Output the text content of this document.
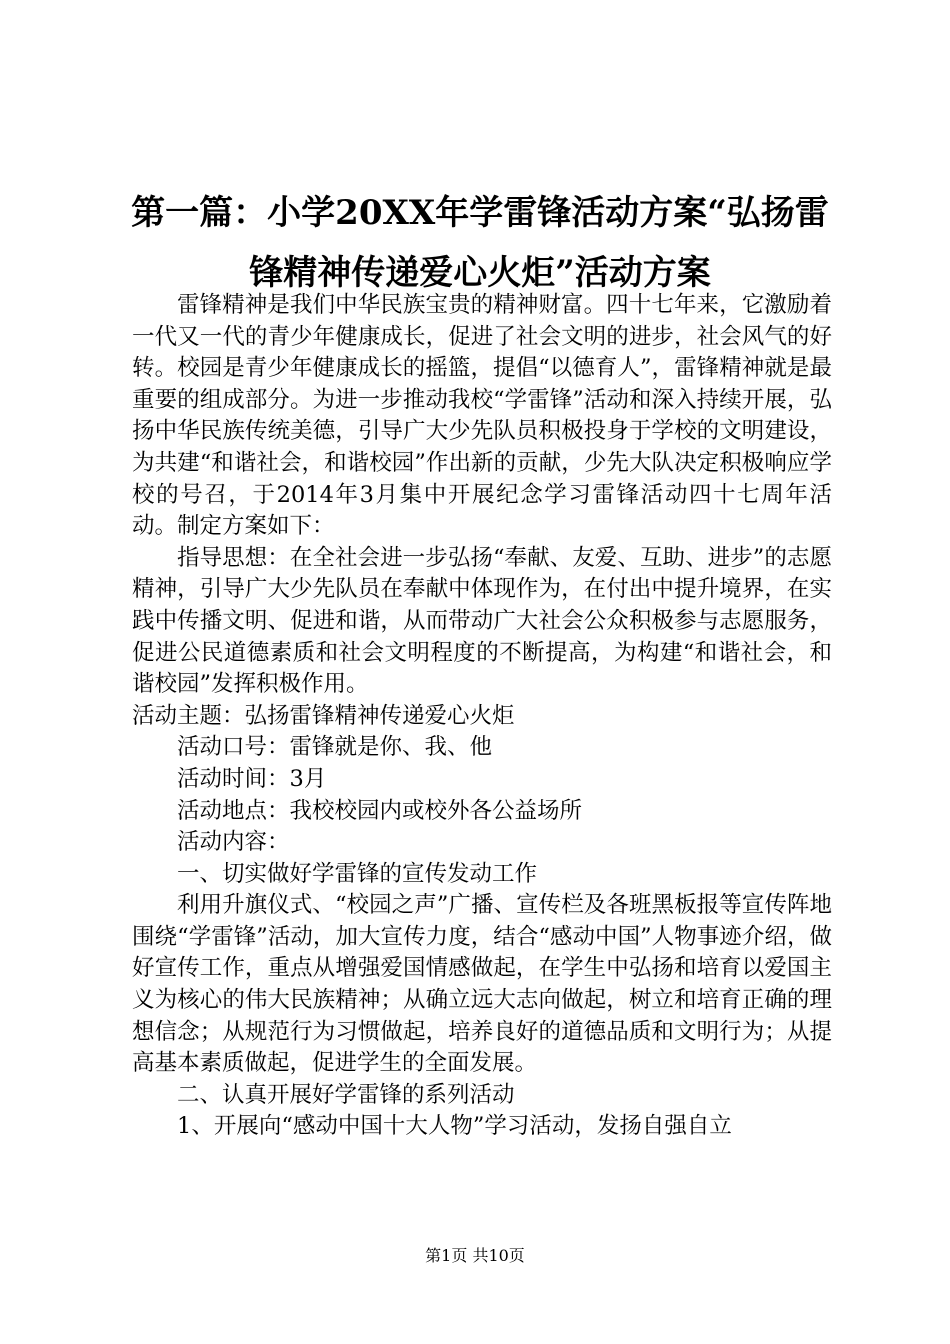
第一篇：小学20XX年学雷锋活动方案“弘扬雷锋精神传递爱心火炬”活动方案

雷锋精神是我们中华民族宝贵的精神财富。四十七年来，它激励着一代又一代的青少年健康成长，促进了社会文明的进步，社会风气的好转。校园是青少年健康成长的摇篮，提倡“以德育人”，雷锋精神就是最重要的组成部分。为进一步推动我校“学雷锋”活动和深入持续开展，弘扬中华民族传统美德，引导广大少先队员积极投身于学校的文明建设，为共建“和谐社会，和谐校园”作出新的贡献，少先大队决定积极响应学校的号召，于2014年3月集中开展纪念学习雷锋活动四十七周年活动。制定方案如下：

指导思想：在全社会进一步弘扬“奉献、友爱、互助、进步”的志愿精神，引导广大少先队员在奉献中体现作为，在付出中提升境界，在实践中传播文明、促进和谐，从而带动广大社会公众积极参与志愿服务，促进公民道德素质和社会文明程度的不断提高，为构建“和谐社会，和谐校园”发挥积极作用。

活动主题：弘扬雷锋精神传递爱心火炬

活动口号：雷锋就是你、我、他

活动时间：3月

活动地点：我校校园内或校外各公益场所

活动内容：

一、切实做好学雷锋的宣传发动工作

利用升旗仪式、“校园之声”广播、宣传栏及各班黑板报等宣传阵地围绕“学雷锋”活动，加大宣传力度，结合“感动中国”人物事迹介绍，做好宣传工作，重点从增强爱国情感做起，在学生中弘扬和培育以爱国主义为核心的伟大民族精神；从确立远大志向做起，树立和培育正确的理想信念；从规范行为习惯做起，培养良好的道德品质和文明行为；从提高基本素质做起，促进学生的全面发展。

二、认真开展好学雷锋的系列活动

1、开展向“感动中国十大人物”学习活动，发扬自强自立

第1页 共10页
